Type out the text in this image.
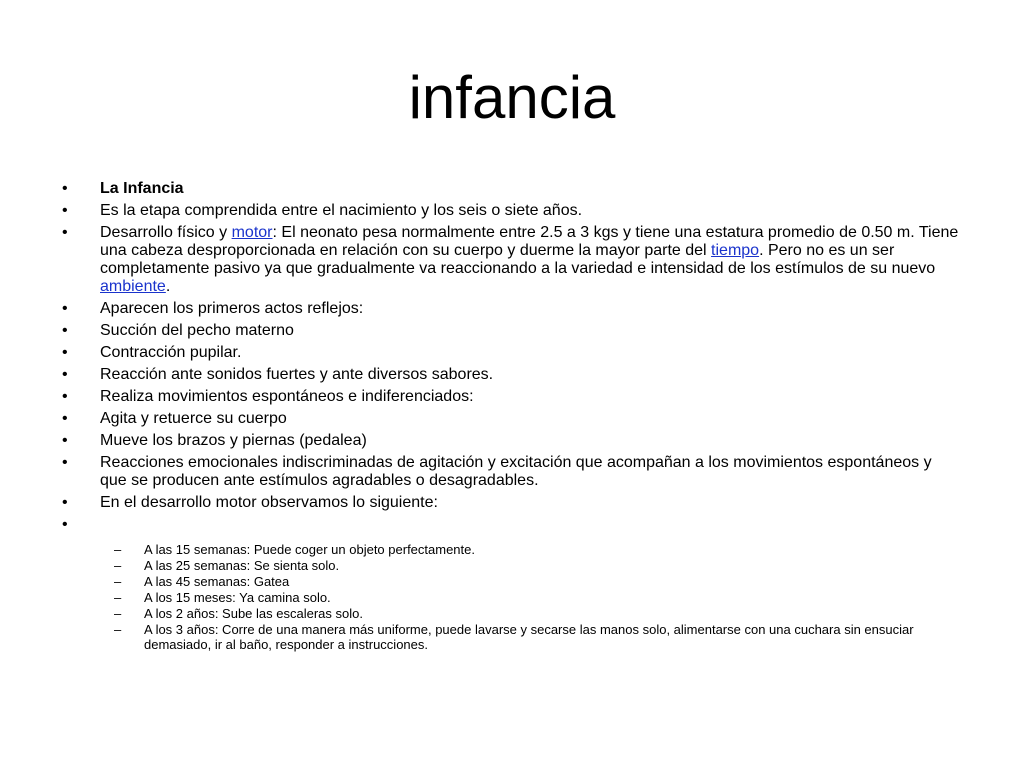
infancia
•	La Infancia
•	Es la etapa comprendida entre el nacimiento y los seis o siete años.
•	Desarrollo físico y motor: El neonato pesa normalmente entre 2.5 a 3 kgs y tiene una estatura promedio de 0.50 m. Tiene una cabeza desproporcionada en relación con su cuerpo y duerme la mayor parte del tiempo. Pero no es un ser completamente pasivo ya que gradualmente va reaccionando a la variedad e intensidad de los estímulos de su nuevo ambiente.
•	Aparecen los primeros actos reflejos:
•	Succión del pecho materno
•	Contracción pupilar.
•	Reacción ante sonidos fuertes y ante diversos sabores.
•	Realiza movimientos espontáneos e indiferenciados:
•	Agita y retuerce su cuerpo
•	Mueve los brazos y piernas (pedalea)
•	Reacciones emocionales indiscriminadas de agitación y excitación que acompañan a los movimientos espontáneos y que se producen ante estímulos agradables o desagradables.
•	En el desarrollo motor observamos lo siguiente:
•

– A las 15 semanas: Puede coger un objeto perfectamente.
– A las 25 semanas: Se sienta solo.
– A las 45 semanas: Gatea
– A los 15 meses: Ya camina solo.
– A los 2 años: Sube las escaleras solo.
– A los 3 años: Corre de una manera más uniforme, puede lavarse y secarse las manos solo, alimentarse con una cuchara sin ensuciar demasiado, ir al baño, responder a instrucciones.
